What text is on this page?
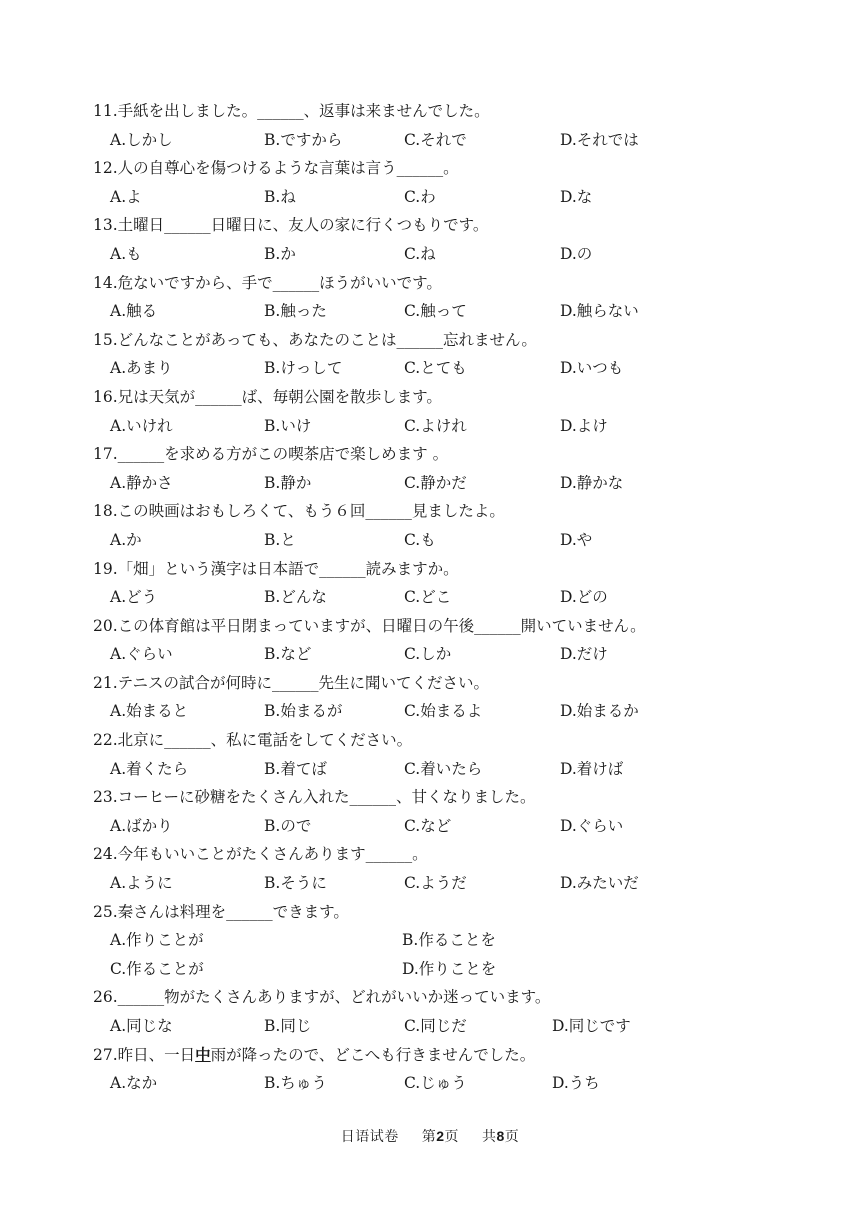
11.手紙を出しました。______、返事は来ませんでした。
A.しかし	B.ですから	C.それで	D.それでは
12.人の自尊心を傷つけるような言葉は言う______。
A.よ	B.ね	C.わ	D.な
13.土曜日______日曜日に、友人の家に行くつもりです。
A.も	B.か	C.ね	D.の
14.危ないですから、手で______ほうがいいです。
A.触る	B.触った	C.触って	D.触らない
15.どんなことがあっても、あなたのことは______忘れません。
A.あまり	B.けっして	C.とても	D.いつも
16.兄は天気が______ば、毎朝公園を散歩します。
A.いけれ	B.いけ	C.よけれ	D.よけ
17.______を求める方がこの喫茶店で楽しめます 。
A.静かさ	B.静か	C.静かだ	D.静かな
18.この映画はおもしろくて、もう６回______見ましたよ。
A.か	B.と	C.も	D.や
19.「畑」という漢字は日本語で______読みますか。
A.どう	B.どんな	C.どこ	D.どの
20.この体育館は平日閉まっていますが、日曜日の午後______開いていません。
A.ぐらい	B.など	C.しか	D.だけ
21.テニスの試合が何時に______先生に聞いてください。
A.始まると	B.始まるが	C.始まるよ	D.始まるか
22.北京に______、私に電話をしてください。
A.着くたら	B.着てば	C.着いたら	D.着けば
23.コーヒーに砂糖をたくさん入れた______、甘くなりました。
A.ばかり	B.ので	C.など	D.ぐらい
24.今年もいいことがたくさんあります______。
A.ように	B.そうに	C.ようだ	D.みたいだ
25.秦さんは料理を______できます。
A.作りことが	B.作ることを
C.作ることが	D.作りことを
26.______物がたくさんありますが、どれがいいか迷っています。
A.同じな	B.同じ	C.同じだ	D.同じです
27.昨日、一日中雨が降ったので、どこへも行きませんでした。
A.なか	B.ちゅう	C.じゅう	D.うち
日语试卷 第2页 共8页
